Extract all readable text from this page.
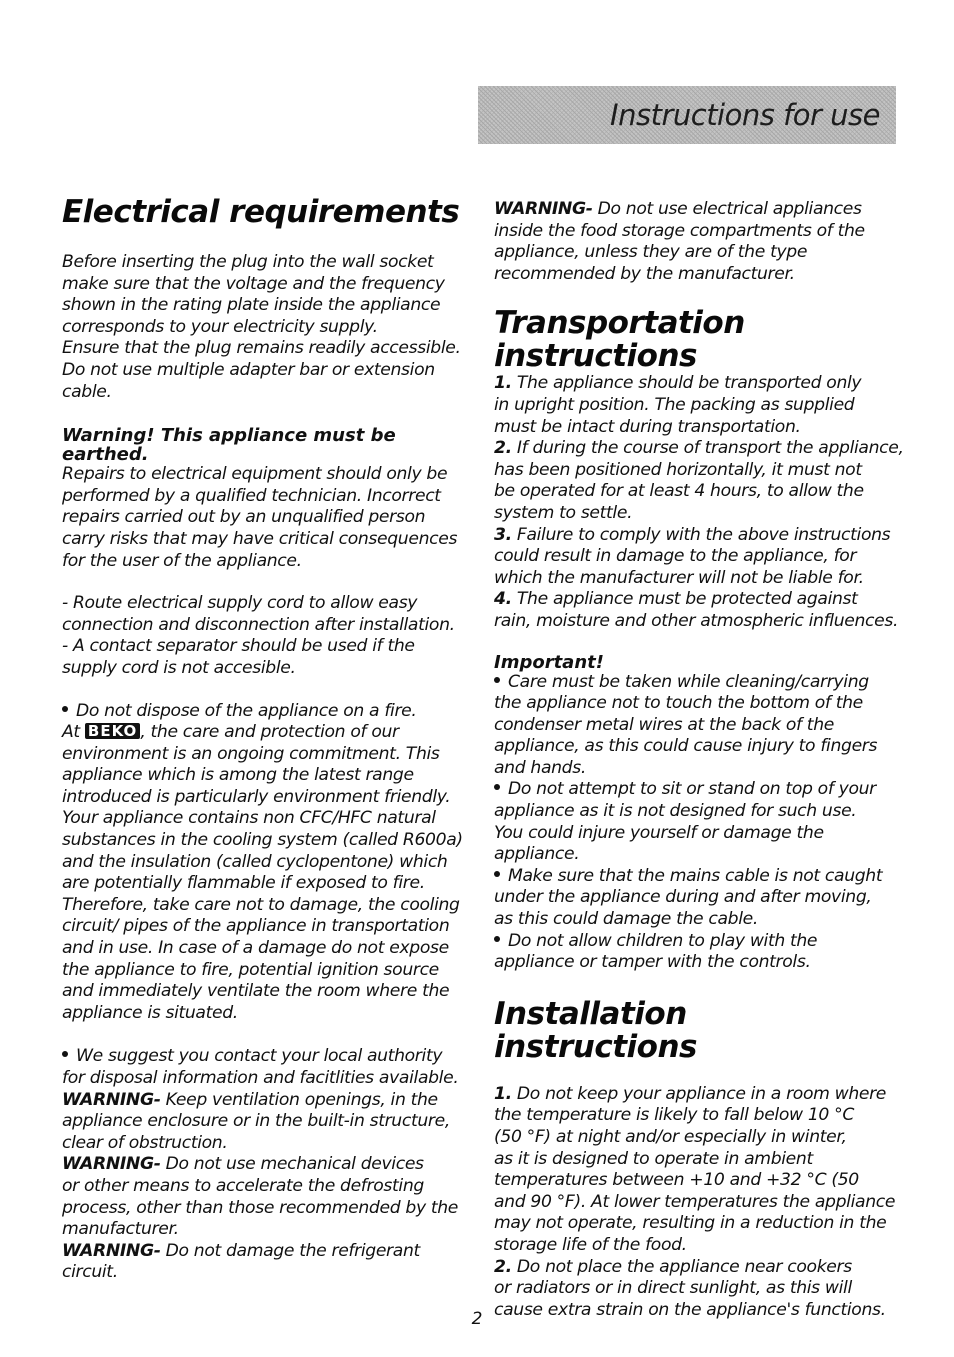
Instructions for use
Electrical requirements

Before inserting the plug into the wall socket

make sure that the voltage and the frequency

shown in the rating plate inside the appliance

corresponds to your electricity supply.

Ensure that the plug remains readily accessible.

Do not use multiple adapter bar or extension

cable.

Warning! This appliance must be
earthed.

Repairs to electrical equipment should only be

performed by a qualified technician. Incorrect

repairs carried out by an unqualified person

carry risks that may have critical consequences

for the user of the appliance.

- Route electrical supply cord to allow easy

connection and disconnection after installation.

- A contact separator should be used if the

supply cord is not accesible.

Do not dispose of the appliance on a fire.

At BEKO , the care and protection of our

environment is an ongoing commitment. This

appliance which is among the latest range

introduced is particularly environment friendly.

Your appliance contains non CFC/HFC natural

substances in the cooling system (called R600a)

and the insulation (called cyclopentone) which

are potentially flammable if exposed to fire.

Therefore, take care not to damage, the cooling

circuit/ pipes of the appliance in transportation

and in use. In case of a damage do not expose

the appliance to fire, potential ignition source

and immediately ventilate the room where the

appliance is situated.

We suggest you contact your local authority

for disposal information and facitlities available.

WARNING- Keep ventilation openings, in the

appliance enclosure or in the built-in structure,

clear of obstruction.

WARNING- Do not use mechanical devices

or other means to accelerate the defrosting

process, other than those recommended by the

manufacturer.

WARNING- Do not damage the refrigerant

circuit.

WARNING- Do not use electrical appliances

inside the food storage compartments of the

appliance, unless they are of the type

recommended by the manufacturer.

Transportation
instructions

1. The appliance should be transported only

in upright position. The packing as supplied

must be intact during transportation.

2. If during the course of transport the appliance,

has been positioned horizontally, it must not

be operated for at least 4 hours, to allow the

system to settle.

3. Failure to comply with the above instructions

could result in damage to the appliance, for

which the manufacturer will not be liable for.

4. The appliance must be protected against

rain, moisture and other atmospheric influences.

Important!

Care must be taken while cleaning/carrying

the appliance not to touch the bottom of the

condenser metal wires at the back of the

appliance, as this could cause injury to fingers

and hands.

Do not attempt to sit or stand on top of your

appliance as it is not designed for such use.

You could injure yourself or damage the

appliance.

Make sure that the mains cable is not caught

under the appliance during and after moving,

as this could damage the cable.

Do not allow children to play with the

appliance or tamper with the controls.

Installation instructions

1. Do not keep your appliance in a room where

the temperature is likely to fall below 10 °C

(50 °F) at night and/or especially in winter,

as it is designed to operate in ambient

temperatures between +10 and +32 °C (50

and 90 °F). At lower temperatures the appliance

may not operate, resulting in a reduction in the

storage life of the food.

2. Do not place the appliance near cookers

or radiators or in direct sunlight, as this will

cause extra strain on the appliance's functions.

2
